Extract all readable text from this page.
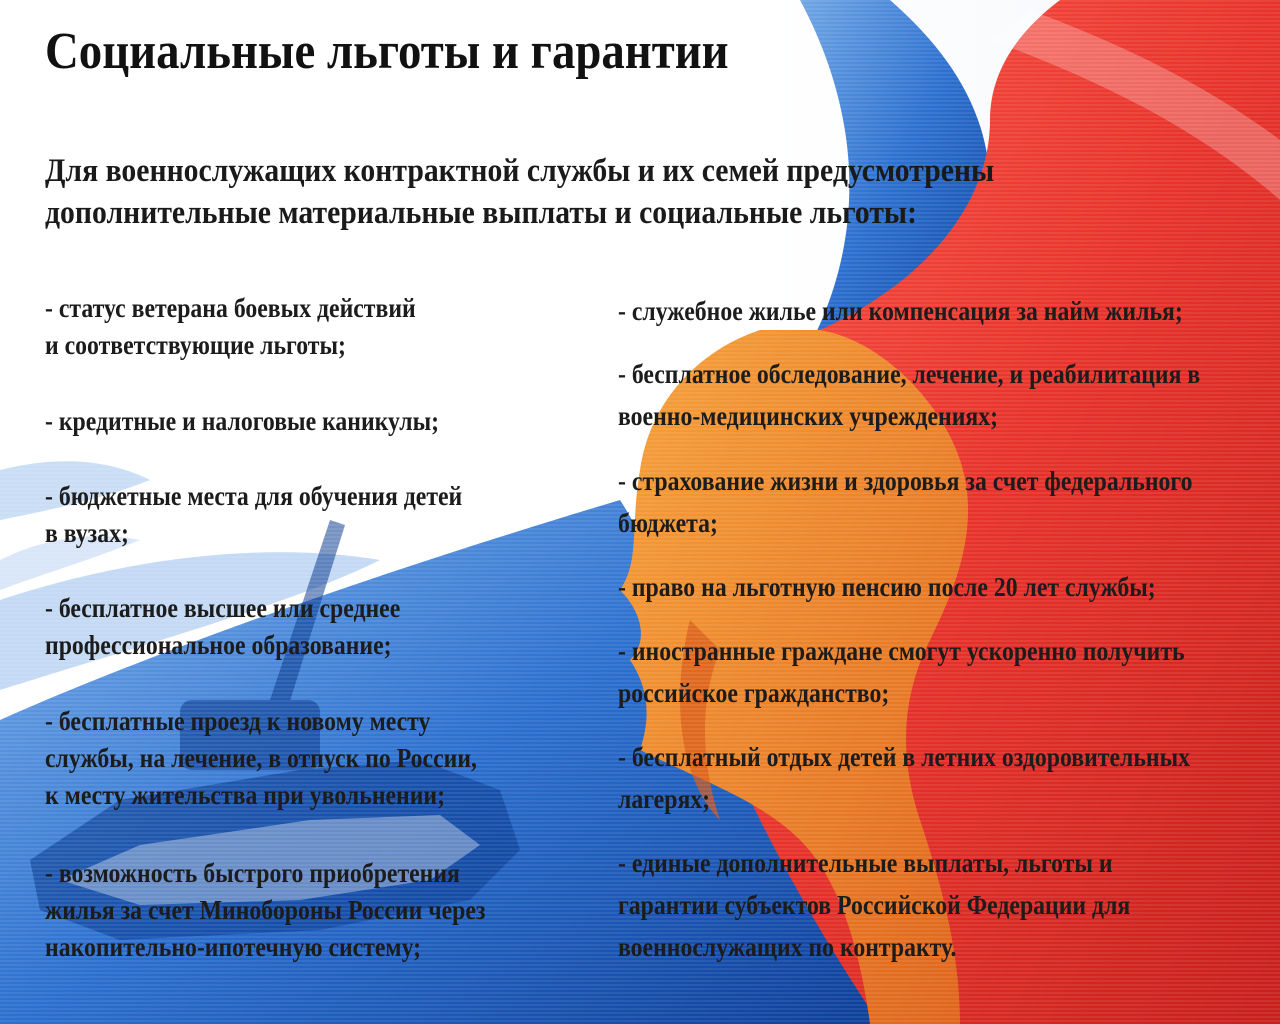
Социальные льготы и гарантии

Для военнослужащих контрактной службы и их семей предусмотрены дополнительные материальные выплаты и социальные льготы:

- статус ветерана боевых действий
и соответствующие льготы;
- кредитные и налоговые каникулы;
- бюджетные места для обучения детей
в вузах;
- бесплатное высшее или среднее
профессиональное образование;
- бесплатные проезд к новому месту
службы, на лечение, в отпуск по России,
к месту жительства при увольнении;
- возможность быстрого приобретения
жилья за счет Минобороны России через
накопительно-ипотечную систему;
- служебное жилье или компенсация за найм жилья;
- бесплатное обследование, лечение, и реабилитация в
военно-медицинских учреждениях;
- страхование жизни и здоровья за счет федерального
бюджета;
- право на льготную пенсию после 20 лет службы;
- иностранные граждане смогут ускоренно получить
российское гражданство;
- бесплатный отдых детей в летних оздоровительных
лагерях;
- единые дополнительные выплаты, льготы и
гарантии субъектов Российской Федерации для
военнослужащих по контракту.
